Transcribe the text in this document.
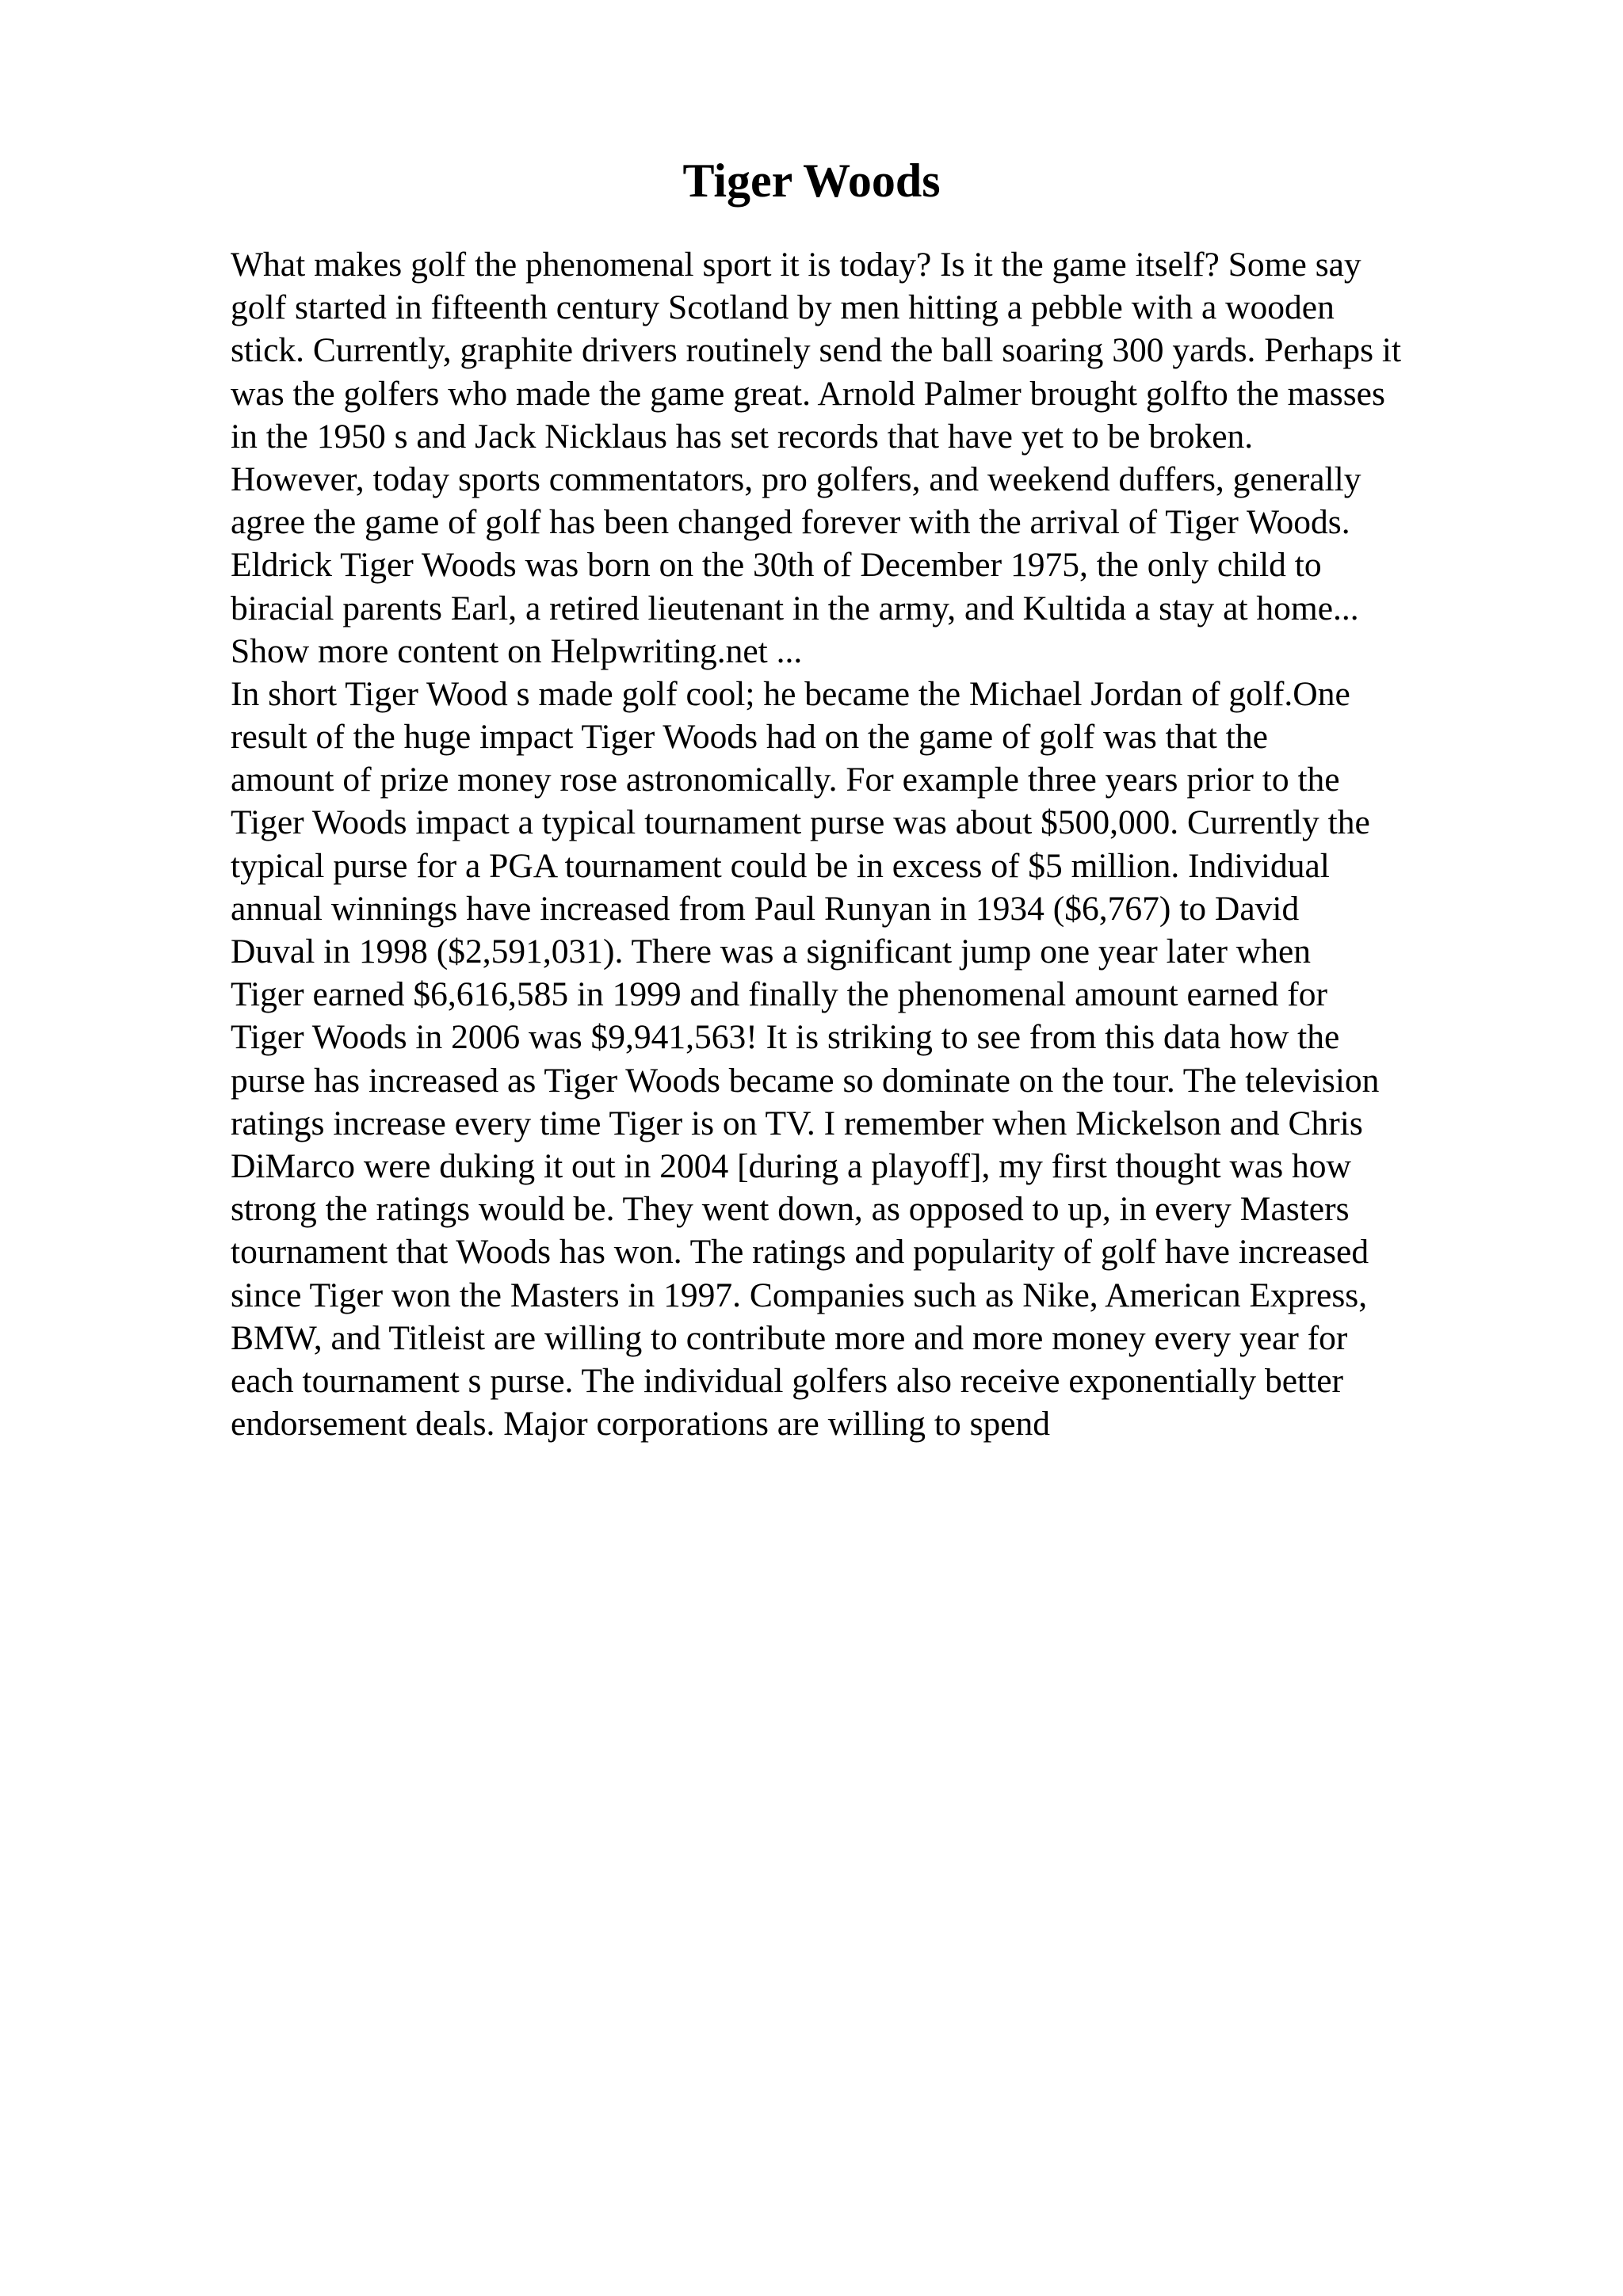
Tiger Woods
What makes golf the phenomenal sport it is today? Is it the game itself? Some say
golf started in fifteenth century Scotland by men hitting a pebble with a wooden
stick. Currently, graphite drivers routinely send the ball soaring 300 yards. Perhaps it
was the golfers who made the game great. Arnold Palmer brought golfto the masses
in the 1950 s and Jack Nicklaus has set records that have yet to be broken.
However, today sports commentators, pro golfers, and weekend duffers, generally
agree the game of golf has been changed forever with the arrival of Tiger Woods.
Eldrick Tiger Woods was born on the 30th of December 1975, the only child to
biracial parents Earl, a retired lieutenant in the army, and Kultida a stay at home...
Show more content on Helpwriting.net ...
In short Tiger Wood s made golf cool; he became the Michael Jordan of golf.One
result of the huge impact Tiger Woods had on the game of golf was that the
amount of prize money rose astronomically. For example three years prior to the
Tiger Woods impact a typical tournament purse was about $500,000. Currently the
typical purse for a PGA tournament could be in excess of $5 million. Individual
annual winnings have increased from Paul Runyan in 1934 ($6,767) to David
Duval in 1998 ($2,591,031). There was a significant jump one year later when
Tiger earned $6,616,585 in 1999 and finally the phenomenal amount earned for
Tiger Woods in 2006 was $9,941,563! It is striking to see from this data how the
purse has increased as Tiger Woods became so dominate on the tour. The television
ratings increase every time Tiger is on TV. I remember when Mickelson and Chris
DiMarco were duking it out in 2004 [during a playoff], my first thought was how
strong the ratings would be. They went down, as opposed to up, in every Masters
tournament that Woods has won. The ratings and popularity of golf have increased
since Tiger won the Masters in 1997. Companies such as Nike, American Express,
BMW, and Titleist are willing to contribute more and more money every year for
each tournament s purse. The individual golfers also receive exponentially better
endorsement deals. Major corporations are willing to spend
